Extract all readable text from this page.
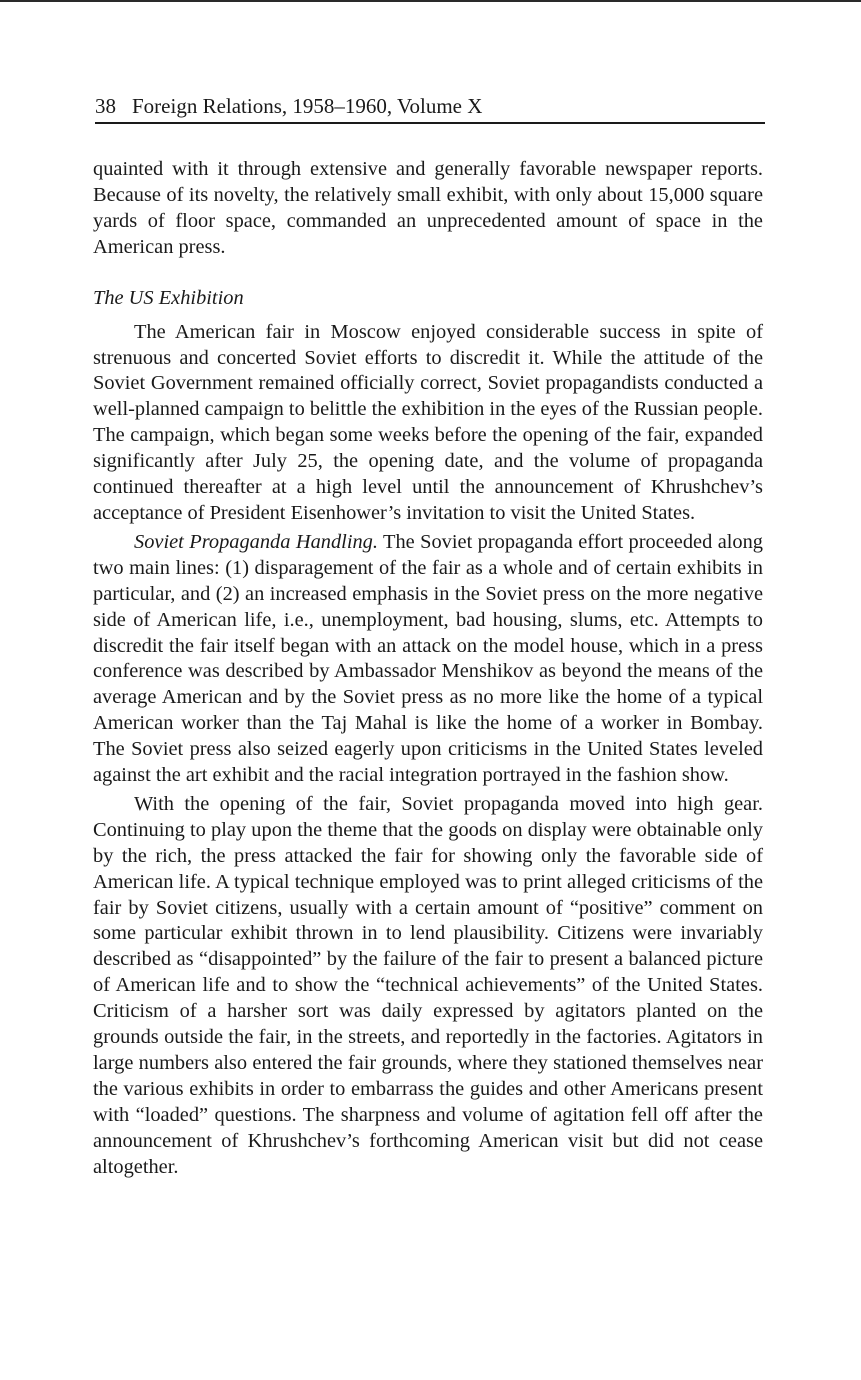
38 Foreign Relations, 1958–1960, Volume X

quainted with it through extensive and generally favorable newspaper reports. Because of its novelty, the relatively small exhibit, with only about 15,000 square yards of floor space, commanded an unprecedented amount of space in the American press.

The US Exhibition

The American fair in Moscow enjoyed considerable success in spite of strenuous and concerted Soviet efforts to discredit it. While the attitude of the Soviet Government remained officially correct, Soviet propagandists conducted a well-planned campaign to belittle the exhibition in the eyes of the Russian people. The campaign, which began some weeks before the opening of the fair, expanded significantly after July 25, the opening date, and the volume of propaganda continued thereafter at a high level until the announcement of Khrushchev’s acceptance of President Eisenhower’s invitation to visit the United States.

Soviet Propaganda Handling. The Soviet propaganda effort proceeded along two main lines: (1) disparagement of the fair as a whole and of certain exhibits in particular, and (2) an increased emphasis in the Soviet press on the more negative side of American life, i.e., unemployment, bad housing, slums, etc. Attempts to discredit the fair itself began with an attack on the model house, which in a press conference was described by Ambassador Menshikov as beyond the means of the average American and by the Soviet press as no more like the home of a typical American worker than the Taj Mahal is like the home of a worker in Bombay. The Soviet press also seized eagerly upon criticisms in the United States leveled against the art exhibit and the racial integration portrayed in the fashion show.

With the opening of the fair, Soviet propaganda moved into high gear. Continuing to play upon the theme that the goods on display were obtainable only by the rich, the press attacked the fair for showing only the favorable side of American life. A typical technique employed was to print alleged criticisms of the fair by Soviet citizens, usually with a certain amount of “positive” comment on some particular exhibit thrown in to lend plausibility. Citizens were invariably described as “disappointed” by the failure of the fair to present a balanced picture of American life and to show the “technical achievements” of the United States. Criticism of a harsher sort was daily expressed by agitators planted on the grounds outside the fair, in the streets, and reportedly in the factories. Agitators in large numbers also entered the fair grounds, where they stationed themselves near the various exhibits in order to embarrass the guides and other Americans present with “loaded” questions. The sharpness and volume of agitation fell off after the announcement of Khrushchev’s forthcoming American visit but did not cease altogether.
